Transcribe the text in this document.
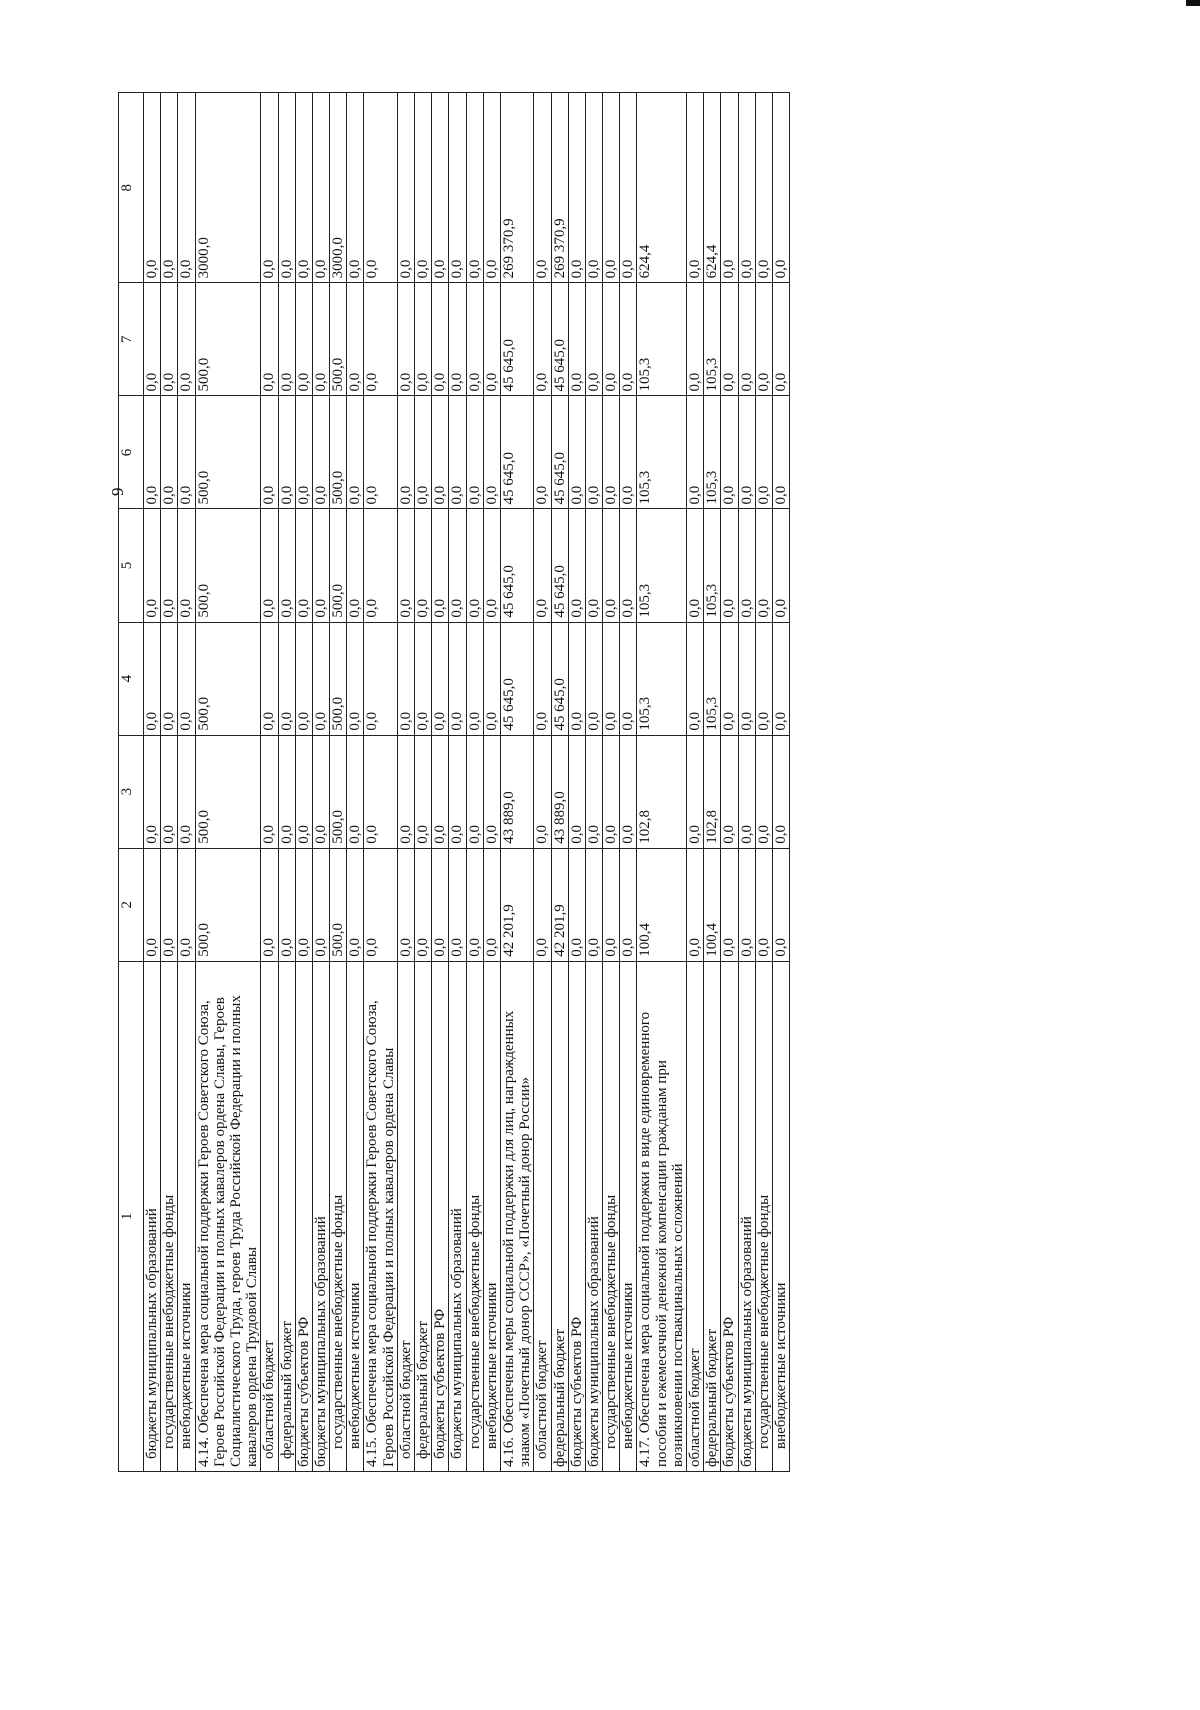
9
1	2	3	4	5	6	7	8
бюджеты муниципальных образований	0,0	0,0	0,0	0,0	0,0	0,0	0,0
государственные внебюджетные фонды	0,0	0,0	0,0	0,0	0,0	0,0	0,0
внебюджетные источники	0,0	0,0	0,0	0,0	0,0	0,0	0,0
4.14. Обеспечена мера социальной поддержки Героев Советского Союза, Героев Российской Федерации и полных кавалеров ордена Славы, Героев Социалистического Труда, героев Труда Российской Федерации и полных кавалеров ордена Трудовой Славы	500,0	500,0	500,0	500,0	500,0	500,0	3000,0
областной бюджет	0,0	0,0	0,0	0,0	0,0	0,0	0,0
федеральный бюджет	0,0	0,0	0,0	0,0	0,0	0,0	0,0
бюджеты субъектов РФ	0,0	0,0	0,0	0,0	0,0	0,0	0,0
бюджеты муниципальных образований	0,0	0,0	0,0	0,0	0,0	0,0	0,0
государственные внебюджетные фонды	500,0	500,0	500,0	500,0	500,0	500,0	3000,0
внебюджетные источники	0,0	0,0	0,0	0,0	0,0	0,0	0,0
4.15. Обеспечена мера социальной поддержки Героев Советского Союза, Героев Российской Федерации и полных кавалеров ордена Славы	0,0	0,0	0,0	0,0	0,0	0,0	0,0
областной бюджет	0,0	0,0	0,0	0,0	0,0	0,0	0,0
федеральный бюджет	0,0	0,0	0,0	0,0	0,0	0,0	0,0
бюджеты субъектов РФ	0,0	0,0	0,0	0,0	0,0	0,0	0,0
бюджеты муниципальных образований	0,0	0,0	0,0	0,0	0,0	0,0	0,0
государственные внебюджетные фонды	0,0	0,0	0,0	0,0	0,0	0,0	0,0
внебюджетные источники	0,0	0,0	0,0	0,0	0,0	0,0	0,0
4.16. Обеспечены меры социальной поддержки для лиц, награжденных знаком «Почетный донор СССР», «Почетный донор России»	42 201,9	43 889,0	45 645,0	45 645,0	45 645,0	45 645,0	269 370,9
областной бюджет	0,0	0,0	0,0	0,0	0,0	0,0	0,0
федеральный бюджет	42 201,9	43 889,0	45 645,0	45 645,0	45 645,0	45 645,0	269 370,9
бюджеты субъектов РФ	0,0	0,0	0,0	0,0	0,0	0,0	0,0
бюджеты муниципальных образований	0,0	0,0	0,0	0,0	0,0	0,0	0,0
государственные внебюджетные фонды	0,0	0,0	0,0	0,0	0,0	0,0	0,0
внебюджетные источники	0,0	0,0	0,0	0,0	0,0	0,0	0,0
4.17. Обеспечена мера социальной поддержки в виде единовременного пособия и ежемесячной денежной компенсации гражданам при возникновении поствакцинальных осложнений	100,4	102,8	105,3	105,3	105,3	105,3	624,4
областной бюджет	0,0	0,0	0,0	0,0	0,0	0,0	0,0
федеральный бюджет	100,4	102,8	105,3	105,3	105,3	105,3	624,4
бюджеты субъектов РФ	0,0	0,0	0,0	0,0	0,0	0,0	0,0
бюджеты муниципальных образований	0,0	0,0	0,0	0,0	0,0	0,0	0,0
государственные внебюджетные фонды	0,0	0,0	0,0	0,0	0,0	0,0	0,0
внебюджетные источники	0,0	0,0	0,0	0,0	0,0	0,0	0,0
